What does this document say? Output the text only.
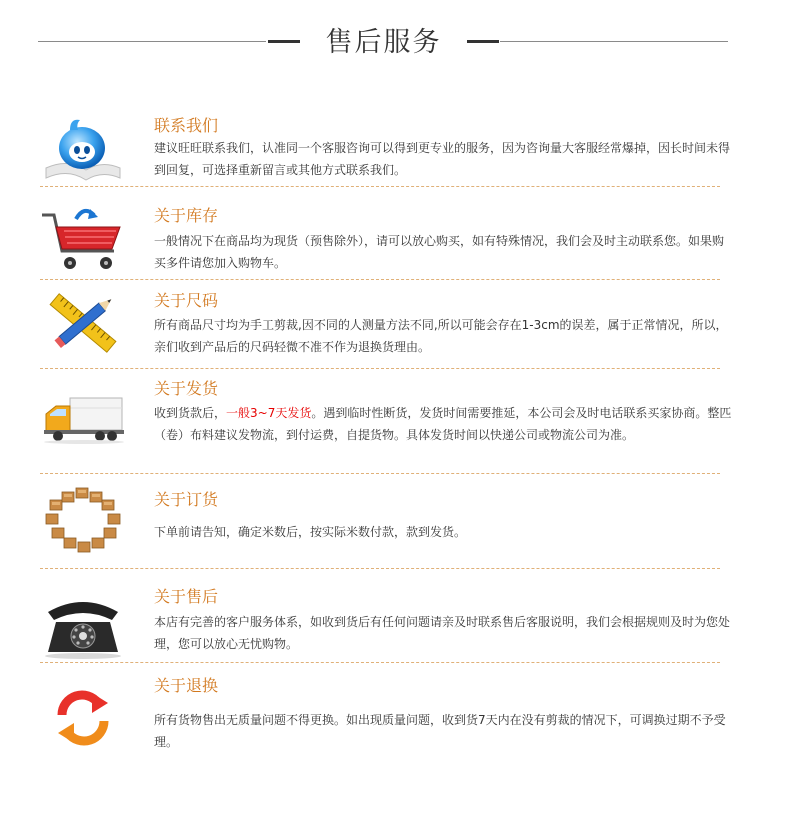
售后服务
联系我们
建议旺旺联系我们，认准同一个客服咨询可以得到更专业的服务，因为咨询量大客服经常爆掉，因长时间未得到回复，可选择重新留言或其他方式联系我们。
关于库存
一般情况下在商品均为现货（预售除外），请可以放心购买，如有特殊情况，我们会及时主动联系您。如果购买多件请您加入购物车。
关于尺码
所有商品尺寸均为手工剪裁,因不同的人测量方法不同,所以可能会存在1-3cm的误差，属于正常情况，所以，亲们收到产品后的尺码轻微不准不作为退换货理由。
关于发货
收到货款后，一般3~7天发货。遇到临时性断货，发货时间需要推延，本公司会及时电话联系买家协商。整匹（卷）布料建议发物流，到付运费，自提货物。具体发货时间以快递公司或物流公司为准。
关于订货
下单前请告知，确定米数后，按实际米数付款，款到发货。
关于售后
本店有完善的客户服务体系，如收到货后有任何问题请亲及时联系售后客服说明，我们会根据规则及时为您处理，您可以放心无忧购物。
关于退换
所有货物售出无质量问题不得更换。如出现质量问题，收到货7天内在没有剪裁的情况下，可调换过期不予受理。
